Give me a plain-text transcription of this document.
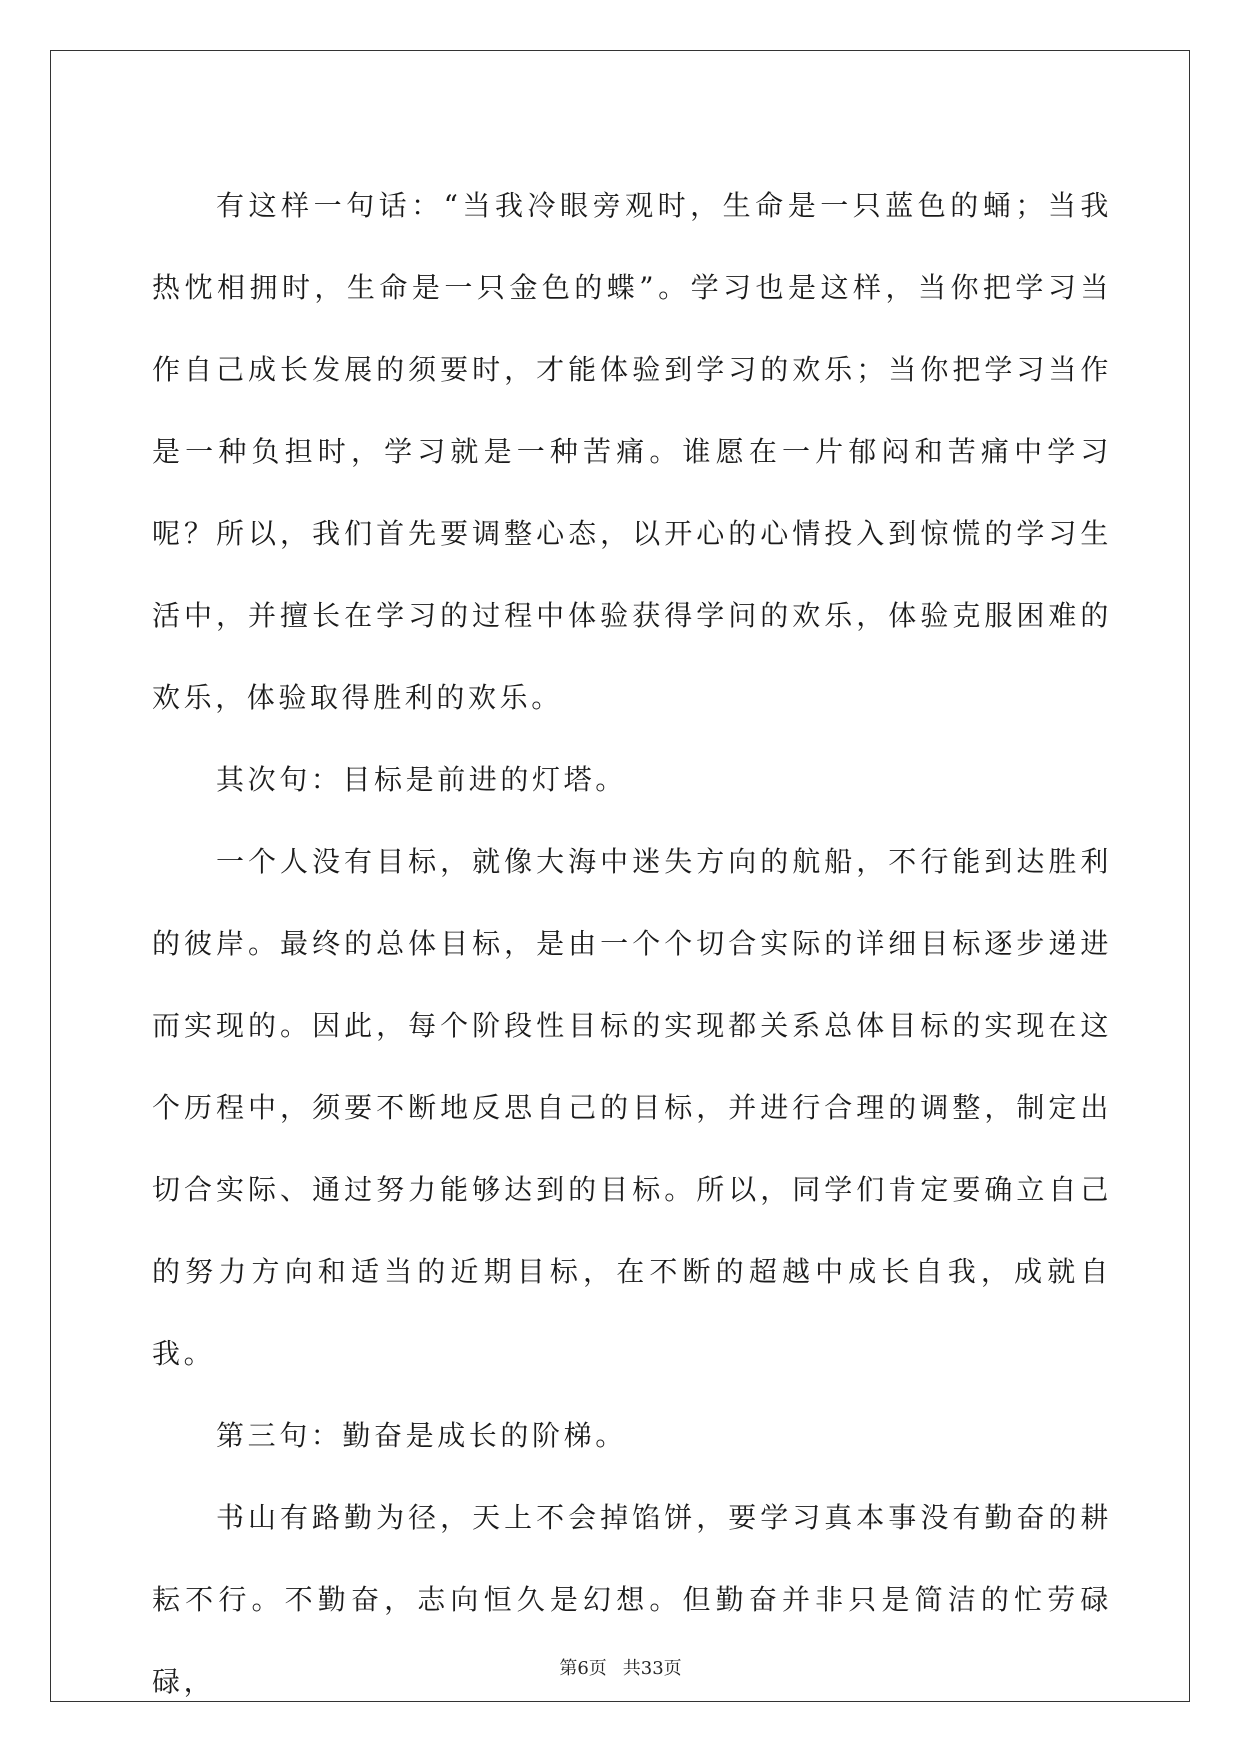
有这样一句话：“当我冷眼旁观时，生命是一只蓝色的蛹；当我热忱相拥时，生命是一只金色的蝶”。学习也是这样，当你把学习当作自己成长发展的须要时，才能体验到学习的欢乐；当你把学习当作是一种负担时，学习就是一种苦痛。谁愿在一片郁闷和苦痛中学习呢？所以，我们首先要调整心态，以开心的心情投入到惊慌的学习生活中，并擅长在学习的过程中体验获得学问的欢乐，体验克服困难的欢乐，体验取得胜利的欢乐。

其次句：目标是前进的灯塔。

一个人没有目标，就像大海中迷失方向的航船，不行能到达胜利的彼岸。最终的总体目标，是由一个个切合实际的详细目标逐步递进而实现的。因此，每个阶段性目标的实现都关系总体目标的实现在这个历程中，须要不断地反思自己的目标，并进行合理的调整，制定出切合实际、通过努力能够达到的目标。所以，同学们肯定要确立自己的努力方向和适当的近期目标，在不断的超越中成长自我，成就自我。

第三句：勤奋是成长的阶梯。

书山有路勤为径，天上不会掉馅饼，要学习真本事没有勤奋的耕耘不行。不勤奋，志向恒久是幻想。但勤奋并非只是简洁的忙劳碌碌，	第6页 共33页
